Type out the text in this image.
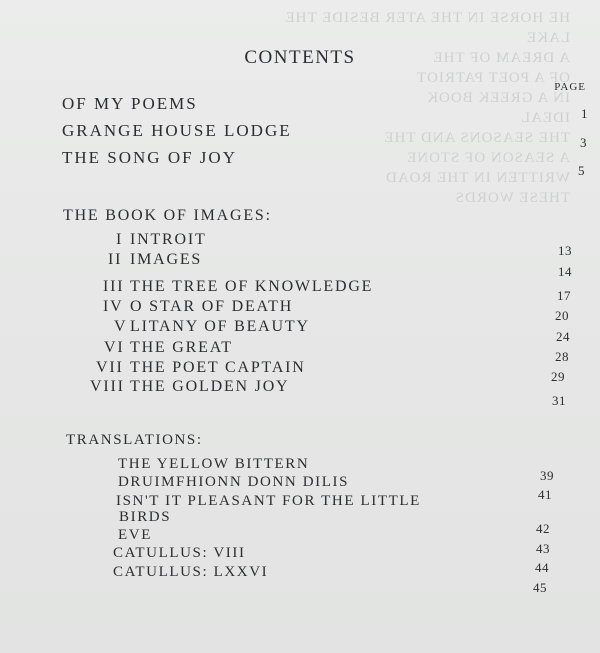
HE HORSE IN THE ATER BESIDE THE
LAKE
A DREAM OF THE
OF A POET PATRIOT
IN A GREEK BOOK
IDEAL
THE SEASONS AND THE
A SEASON OF STONE
WRITTEN IN THE ROAD
THESE WORDS
CONTENTS
PAGE
OF MY POEMS
1
GRANGE HOUSE LODGE
3
THE SONG OF JOY
5
THE BOOK OF IMAGES:
I INTROIT
13
II IMAGES
14
III THE TREE OF KNOWLEDGE
17
IV O STAR OF DEATH
20
V LITANY OF BEAUTY
24
VI THE GREAT
28
VII THE POET CAPTAIN
29
VIII THE GOLDEN JOY
31
TRANSLATIONS:
THE YELLOW BITTERN
39
DRUIMFHIONN DONN DILIS
41
ISN'T IT PLEASANT FOR THE LITTLE
BIRDS
42
EVE
43
CATULLUS: VIII
44
CATULLUS: LXXVI
45
